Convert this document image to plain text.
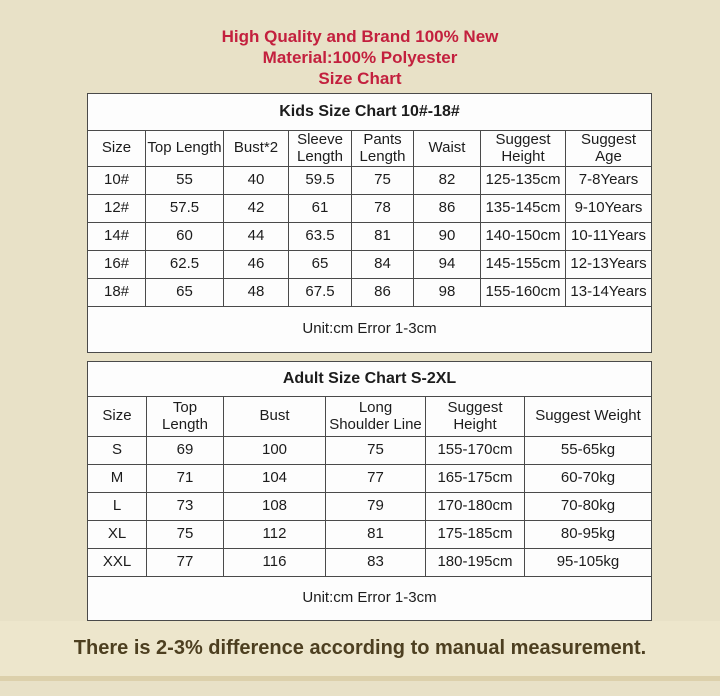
High Quality and Brand 100% New
Material:100% Polyester
Size Chart
Kids Size Chart 10#-18#							
Size	Top Length	Bust*2	Sleeve Length	Pants Length	Waist	Suggest Height	Suggest Age
10#	55	40	59.5	75	82	125-135cm	7-8Years
12#	57.5	42	61	78	86	135-145cm	9-10Years
14#	60	44	63.5	81	90	140-150cm	10-11Years
16#	62.5	46	65	84	94	145-155cm	12-13Years
18#	65	48	67.5	86	98	155-160cm	13-14Years
Unit:cm Error 1-3cm							
Adult Size Chart S-2XL					
Size	Top Length	Bust	Long Shoulder Line	Suggest Height	Suggest Weight
S	69	100	75	155-170cm	55-65kg
M	71	104	77	165-175cm	60-70kg
L	73	108	79	170-180cm	70-80kg
XL	75	112	81	175-185cm	80-95kg
XXL	77	116	83	180-195cm	95-105kg
Unit:cm Error 1-3cm					
There is 2-3% difference according to manual measurement.
